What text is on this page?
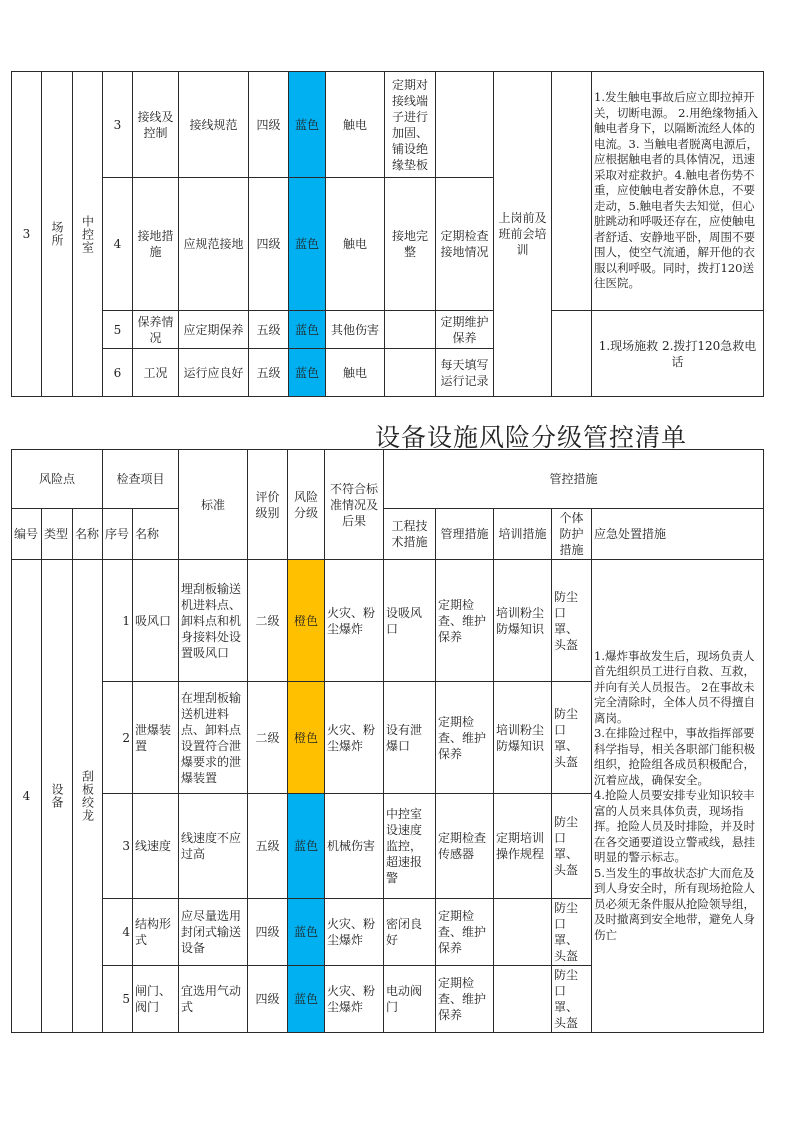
3	场所	中控室	3	接线及控制	接线规范	四级	蓝色	触电	定期对接线端子进行加固、铺设绝缘垫板		上岗前及班前会培训		1.发生触电事故后应立即拉掉开关，切断电源。 2.用绝缘物插入触电者身下，以隔断流经人体的电流。3. 当触电者脱离电源后，应根据触电者的具体情况，迅速采取对症救护。4.触电者伤势不重，应使触电者安静休息，不要走动，5.触电者失去知觉，但心脏跳动和呼吸还存在，应使触电者舒适、安静地平卧，周围不要围人，使空气流通，解开他的衣服以利呼吸。同时，拨打120送往医院。
			4	接地措施	应规范接地	四级	蓝色	触电	接地完整	定期检查接地情况			
			5	保养情况	应定期保养	五级	蓝色	其他伤害		定期维护保养			1.现场施救 2.拨打120急救电话
			6	工况	运行应良好	五级	蓝色	触电		每天填写运行记录			
设备设施风险分级管控清单
风险点			检查项目		标准	评价级别	风险分级	不符合标准情况及后果	管控措施				
编号	类型	名称	序号	名称					工程技术措施	管理措施	培训措施	个体防护措施	应急处置措施
4	设备	刮板绞龙	1	吸风口	埋刮板输送机进料点、卸料点和机身接料处设置吸风口	二级	橙色	火灾、粉尘爆炸	设吸风口	定期检查、维护保养	培训粉尘防爆知识	防尘口罩、头盔	1.爆炸事故发生后，现场负责人首先组织员工进行自救、互救，并向有关人员报告。 2在事故未完全清除时，全体人员不得擅自离岗。
3.在排险过程中，事故指挥部要科学指导，相关各职部门能积极组织，抢险组各成员积极配合，沉着应战，确保安全。
4.抢险人员要安排专业知识较丰富的人员来具体负责，现场指挥。抢险人员及时排险，并及时在各交通要道设立警戒线，悬挂明显的警示标志。
5.当发生的事故状态扩大而危及到人身安全时，所有现场抢险人员必须无条件服从抢险领导组，及时撤离到安全地带，避免人身伤亡
			2	泄爆装置	在埋刮板输送机进料点、卸料点设置符合泄爆要求的泄爆装置	二级	橙色	火灾、粉尘爆炸	设有泄爆口	定期检查、维护保养	培训粉尘防爆知识	防尘口罩、头盔	
			3	线速度	线速度不应过高	五级	蓝色	机械伤害	中控室设速度监控，超速报警	定期检查传感器	定期培训操作规程	防尘口罩、头盔	
			4	结构形式	应尽量选用封闭式输送设备	四级	蓝色	火灾、粉尘爆炸	密闭良好	定期检查、维护保养		防尘口罩、头盔	
			5	闸门、阀门	宜选用气动式	四级	蓝色	火灾、粉尘爆炸	电动阀门	定期检查、维护保养		防尘口罩、头盔	
